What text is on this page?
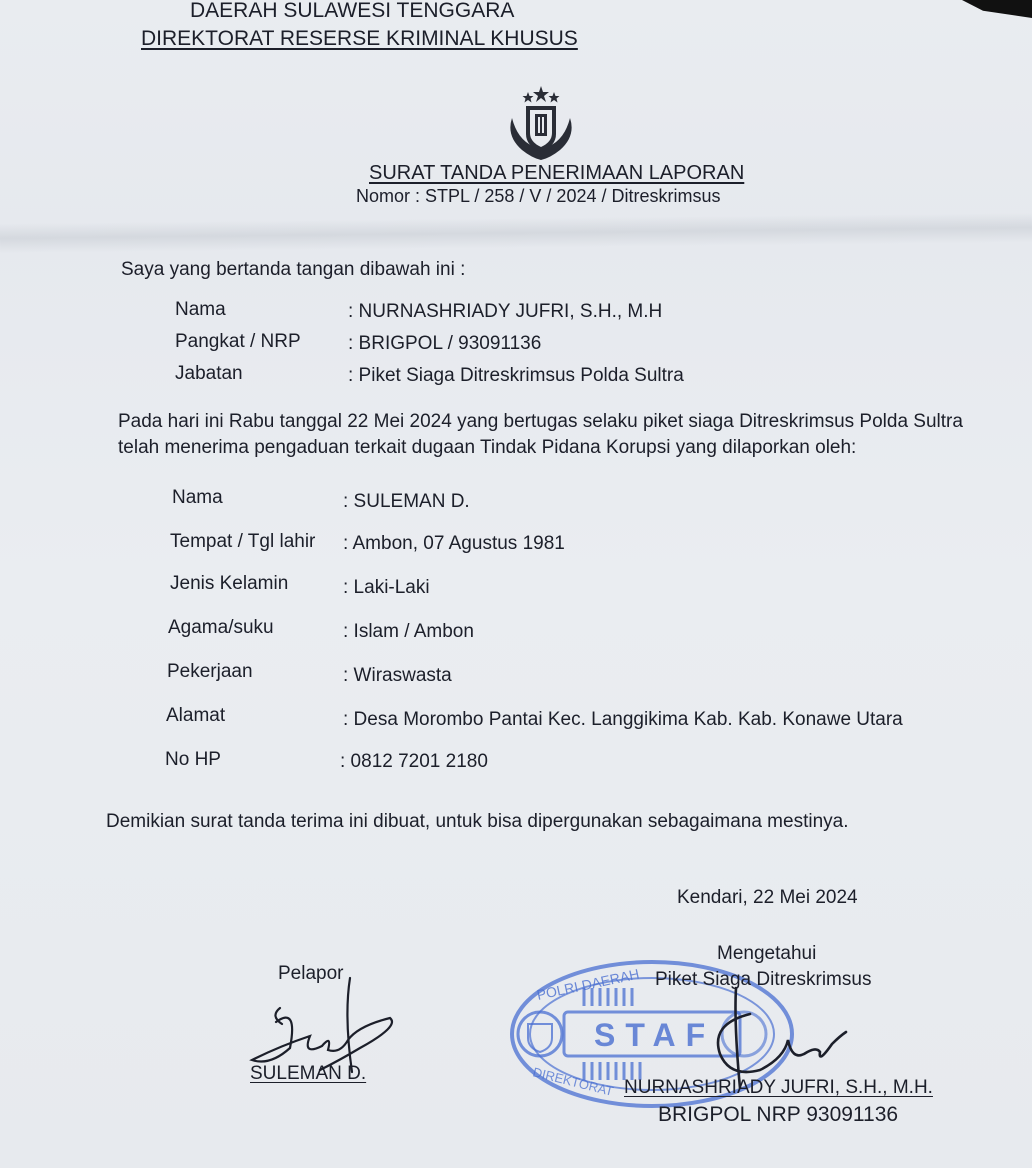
DAERAH SULAWESI TENGGARA
DIREKTORAT RESERSE KRIMINAL KHUSUS
SURAT TANDA PENERIMAAN LAPORAN
Nomor : STPL / 258 / V / 2024 / Ditreskrimsus
Saya yang bertanda tangan dibawah ini :
Nama	: NURNASHRIADY JUFRI, S.H., M.H
Pangkat / NRP : BRIGPOL / 93091136
Jabatan	: Piket Siaga Ditreskrimsus Polda Sultra
Pada hari ini Rabu tanggal 22 Mei 2024 yang bertugas selaku piket siaga Ditreskrimsus Polda Sultra
telah menerima pengaduan terkait dugaan Tindak Pidana Korupsi yang dilaporkan oleh:
Nama	: SULEMAN D.
Tempat / Tgl lahir : Ambon, 07 Agustus 1981
Jenis Kelamin	: Laki-Laki
Agama/suku	: Islam / Ambon
Pekerjaan	: Wiraswasta
Alamat	: Desa Morombo Pantai Kec. Langgikima Kab. Kab. Konawe Utara
No HP	: 0812 7201 2180
Demikian surat tanda terima ini dibuat, untuk bisa dipergunakan sebagaimana mestinya.
Kendari, 22 Mei 2024
POLRI DAERAH
STAF
DIREKTORAT
Pelapor
SULEMAN D.
Mengetahui
Piket Siaga Ditreskrimsus
NURNASHRIADY JUFRI, S.H., M.H.
BRIGPOL NRP 93091136
